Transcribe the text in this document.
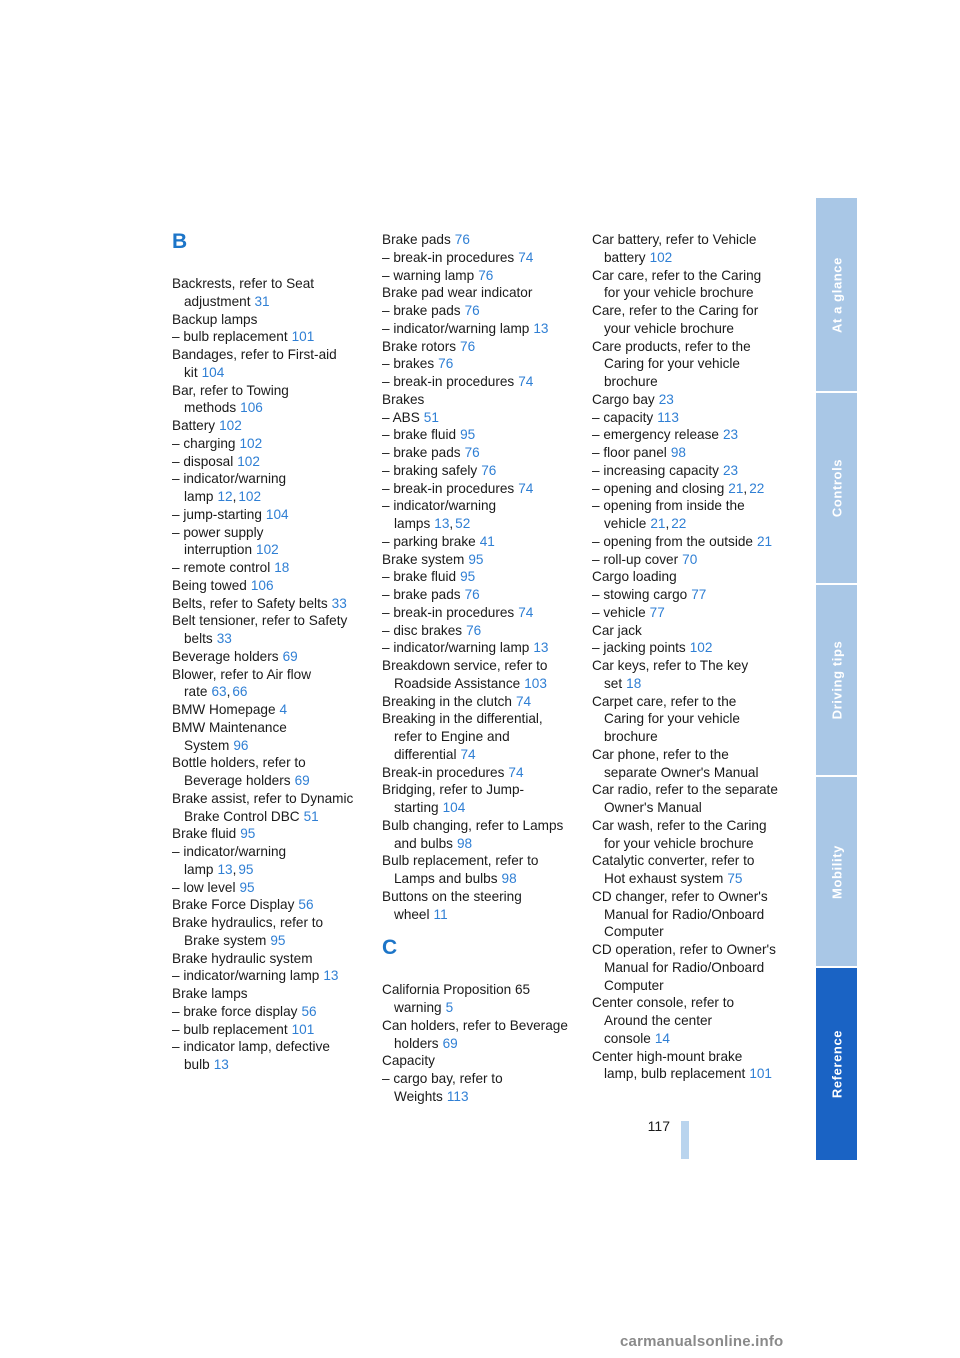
B
Backrests, refer to Seat
adjustment 31
Backup lamps
– bulb replacement 101
Bandages, refer to First-aid
kit 104
Bar, refer to Towing
methods 106
Battery 102
– charging 102
– disposal 102
– indicator/warning
lamp 12, 102
– jump-starting 104
– power supply
interruption 102
– remote control 18
Being towed 106
Belts, refer to Safety belts 33
Belt tensioner, refer to Safety
belts 33
Beverage holders 69
Blower, refer to Air flow
rate 63, 66
BMW Homepage 4
BMW Maintenance
System 96
Bottle holders, refer to
Beverage holders 69
Brake assist, refer to Dynamic
Brake Control DBC 51
Brake fluid 95
– indicator/warning
lamp 13, 95
– low level 95
Brake Force Display 56
Brake hydraulics, refer to
Brake system 95
Brake hydraulic system
– indicator/warning lamp 13
Brake lamps
– brake force display 56
– bulb replacement 101
– indicator lamp, defective
bulb 13
Brake pads 76
– break-in procedures 74
– warning lamp 76
Brake pad wear indicator
– brake pads 76
– indicator/warning lamp 13
Brake rotors 76
– brakes 76
– break-in procedures 74
Brakes
– ABS 51
– brake fluid 95
– brake pads 76
– braking safely 76
– break-in procedures 74
– indicator/warning
lamps 13, 52
– parking brake 41
Brake system 95
– brake fluid 95
– brake pads 76
– break-in procedures 74
– disc brakes 76
– indicator/warning lamp 13
Breakdown service, refer to
Roadside Assistance 103
Breaking in the clutch 74
Breaking in the differential,
refer to Engine and
differential 74
Break-in procedures 74
Bridging, refer to Jump-
starting 104
Bulb changing, refer to Lamps
and bulbs 98
Bulb replacement, refer to
Lamps and bulbs 98
Buttons on the steering
wheel 11
C
California Proposition 65
warning 5
Can holders, refer to Beverage
holders 69
Capacity
– cargo bay, refer to
Weights 113
Car battery, refer to Vehicle
battery 102
Car care, refer to the Caring
for your vehicle brochure
Care, refer to the Caring for
your vehicle brochure
Care products, refer to the
Caring for your vehicle
brochure
Cargo bay 23
– capacity 113
– emergency release 23
– floor panel 98
– increasing capacity 23
– opening and closing 21, 22
– opening from inside the
vehicle 21, 22
– opening from the outside 21
– roll-up cover 70
Cargo loading
– stowing cargo 77
– vehicle 77
Car jack
– jacking points 102
Car keys, refer to The key
set 18
Carpet care, refer to the
Caring for your vehicle
brochure
Car phone, refer to the
separate Owner's Manual
Car radio, refer to the separate
Owner's Manual
Car wash, refer to the Caring
for your vehicle brochure
Catalytic converter, refer to
Hot exhaust system 75
CD changer, refer to Owner's
Manual for Radio/Onboard
Computer
CD operation, refer to Owner's
Manual for Radio/Onboard
Computer
Center console, refer to
Around the center
console 14
Center high-mount brake
lamp, bulb replacement 101
At a glance
Controls
Driving tips
Mobility
Reference
117
carmanualsonline.info
